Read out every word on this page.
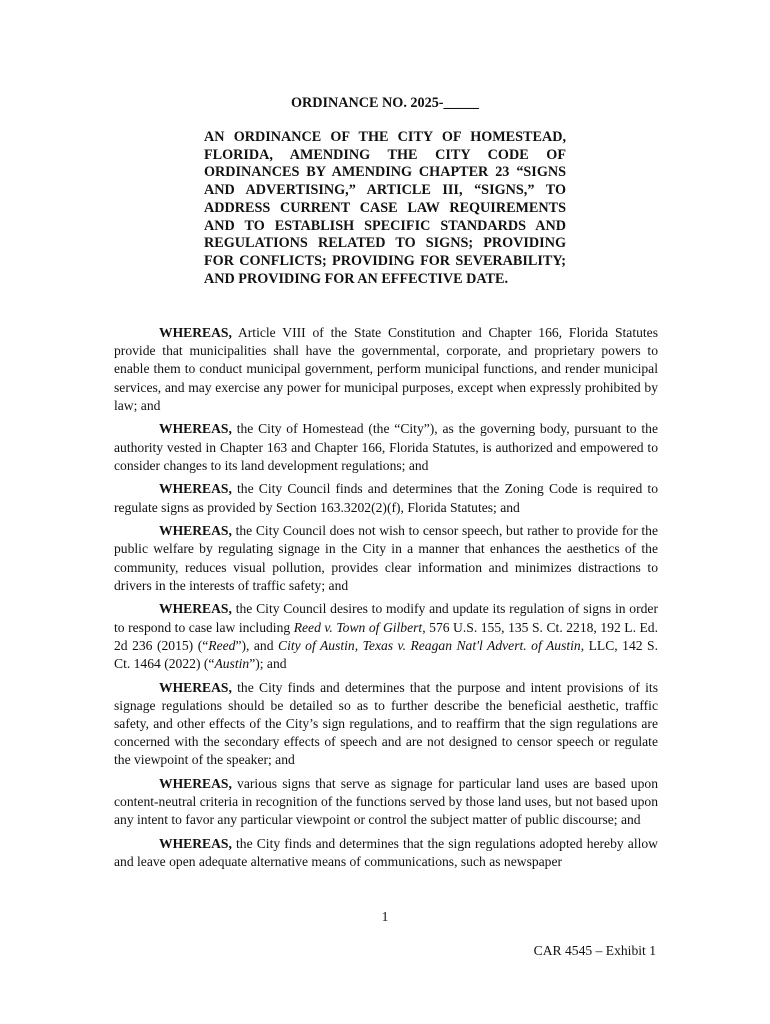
ORDINANCE NO. 2025-_____
AN ORDINANCE OF THE CITY OF HOMESTEAD, FLORIDA, AMENDING THE CITY CODE OF ORDINANCES BY AMENDING CHAPTER 23 “SIGNS AND ADVERTISING,” ARTICLE III, “SIGNS,” TO ADDRESS CURRENT CASE LAW REQUIREMENTS AND TO ESTABLISH SPECIFIC STANDARDS AND REGULATIONS RELATED TO SIGNS; PROVIDING FOR CONFLICTS; PROVIDING FOR SEVERABILITY; AND PROVIDING FOR AN EFFECTIVE DATE.

WHEREAS, Article VIII of the State Constitution and Chapter 166, Florida Statutes provide that municipalities shall have the governmental, corporate, and proprietary powers to enable them to conduct municipal government, perform municipal functions, and render municipal services, and may exercise any power for municipal purposes, except when expressly prohibited by law; and

WHEREAS, the City of Homestead (the “City”), as the governing body, pursuant to the authority vested in Chapter 163 and Chapter 166, Florida Statutes, is authorized and empowered to consider changes to its land development regulations; and

WHEREAS, the City Council finds and determines that the Zoning Code is required to regulate signs as provided by Section 163.3202(2)(f), Florida Statutes; and

WHEREAS, the City Council does not wish to censor speech, but rather to provide for the public welfare by regulating signage in the City in a manner that enhances the aesthetics of the community, reduces visual pollution, provides clear information and minimizes distractions to drivers in the interests of traffic safety; and

WHEREAS, the City Council desires to modify and update its regulation of signs in order to respond to case law including Reed v. Town of Gilbert, 576 U.S. 155, 135 S. Ct. 2218, 192 L. Ed. 2d 236 (2015) (“Reed”), and City of Austin, Texas v. Reagan Nat'l Advert. of Austin, LLC, 142 S. Ct. 1464 (2022) (“Austin”); and

WHEREAS, the City finds and determines that the purpose and intent provisions of its signage regulations should be detailed so as to further describe the beneficial aesthetic, traffic safety, and other effects of the City’s sign regulations, and to reaffirm that the sign regulations are concerned with the secondary effects of speech and are not designed to censor speech or regulate the viewpoint of the speaker; and

WHEREAS, various signs that serve as signage for particular land uses are based upon content-neutral criteria in recognition of the functions served by those land uses, but not based upon any intent to favor any particular viewpoint or control the subject matter of public discourse; and

WHEREAS, the City finds and determines that the sign regulations adopted hereby allow and leave open adequate alternative means of communications, such as newspaper

1
CAR 4545 – Exhibit 1
